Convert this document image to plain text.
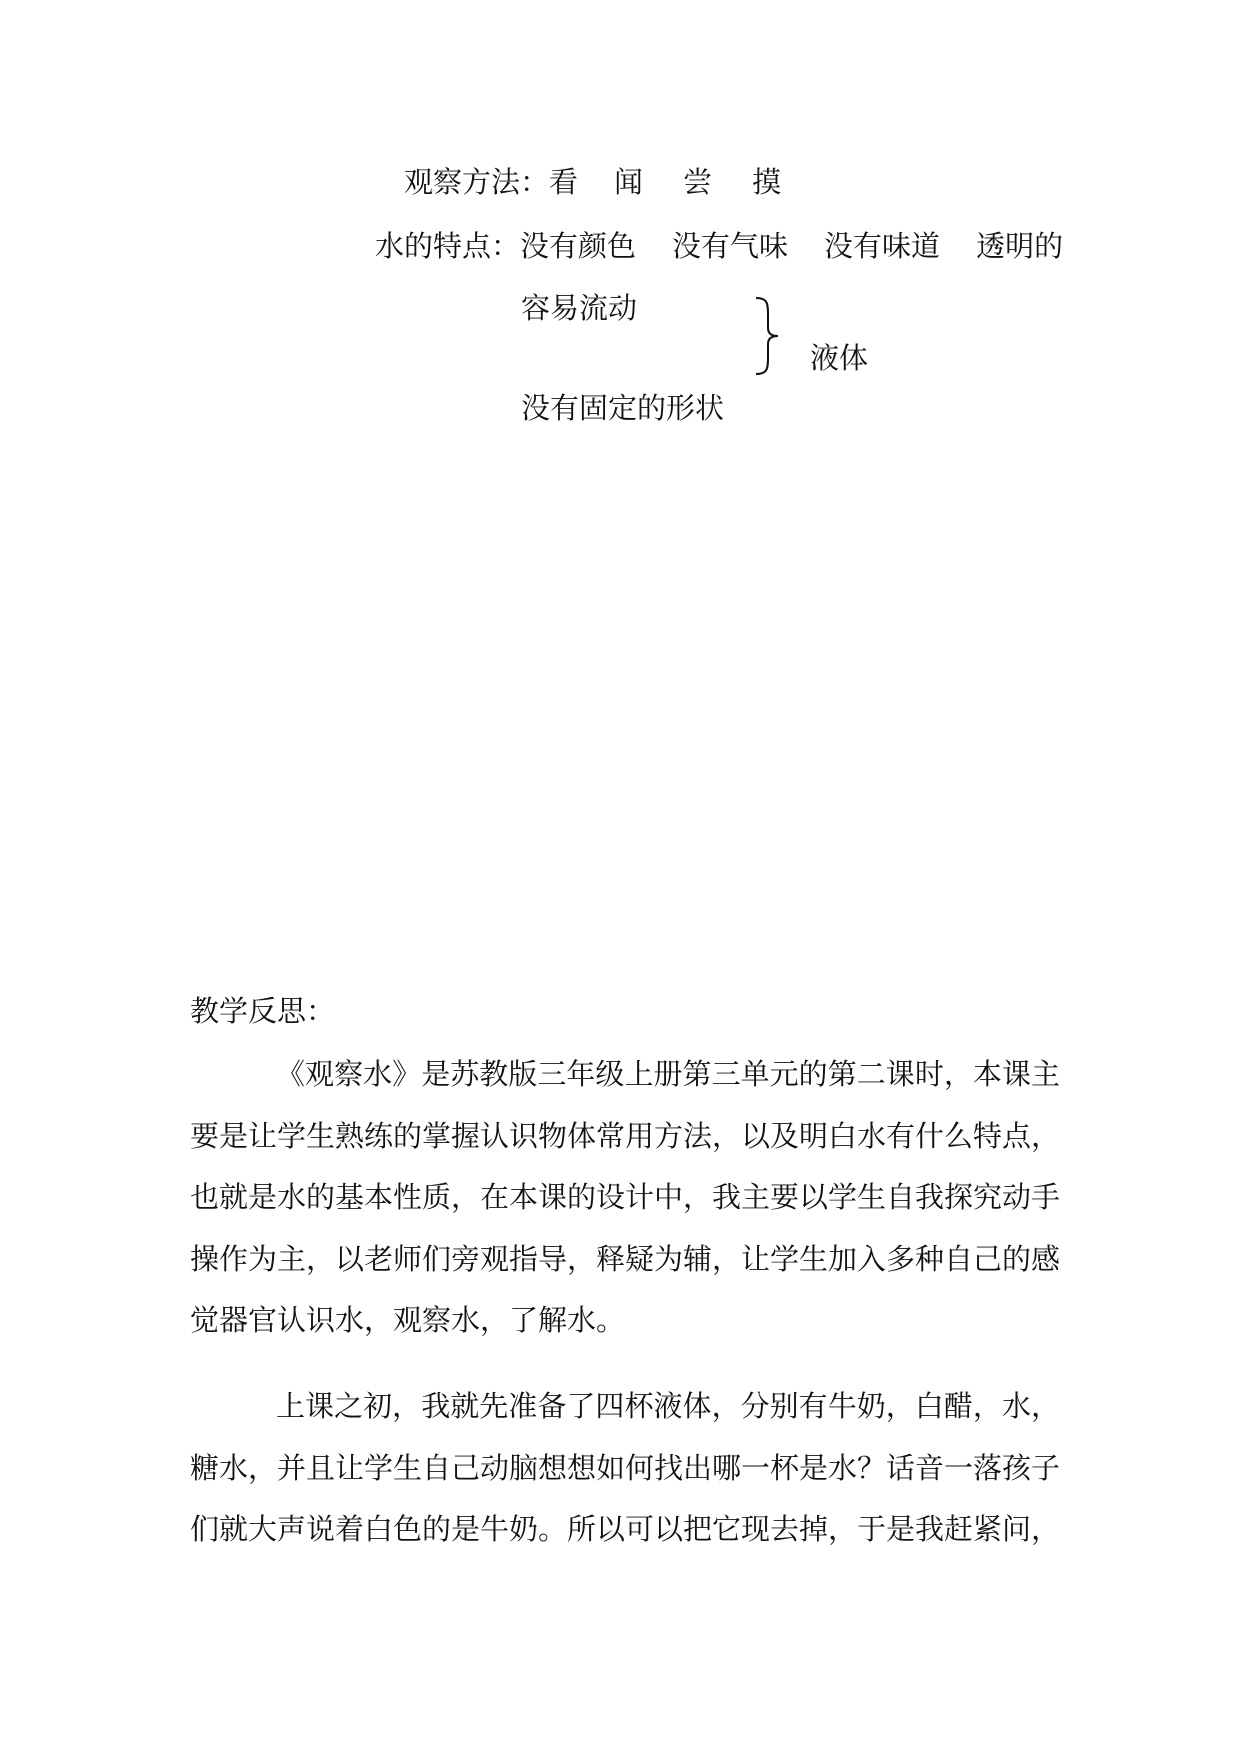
观察方法：看 闻 尝 摸
水的特点：没有颜色 没有气味 没有味道 透明的
容易流动
液体
没有固定的形状
教学反思：

《观察水》是苏教版三年级上册第三单元的第二课时，本课主要是让学生熟练的掌握认识物体常用方法，以及明白水有什么特点，也就是水的基本性质，在本课的设计中，我主要以学生自我探究动手操作为主，以老师们旁观指导，释疑为辅，让学生加入多种自己的感觉器官认识水，观察水，了解水。

上课之初，我就先准备了四杯液体，分别有牛奶，白醋，水，糖水，并且让学生自己动脑想想如何找出哪一杯是水？话音一落孩子们就大声说着白色的是牛奶。所以可以把它现去掉，于是我赶紧问，
